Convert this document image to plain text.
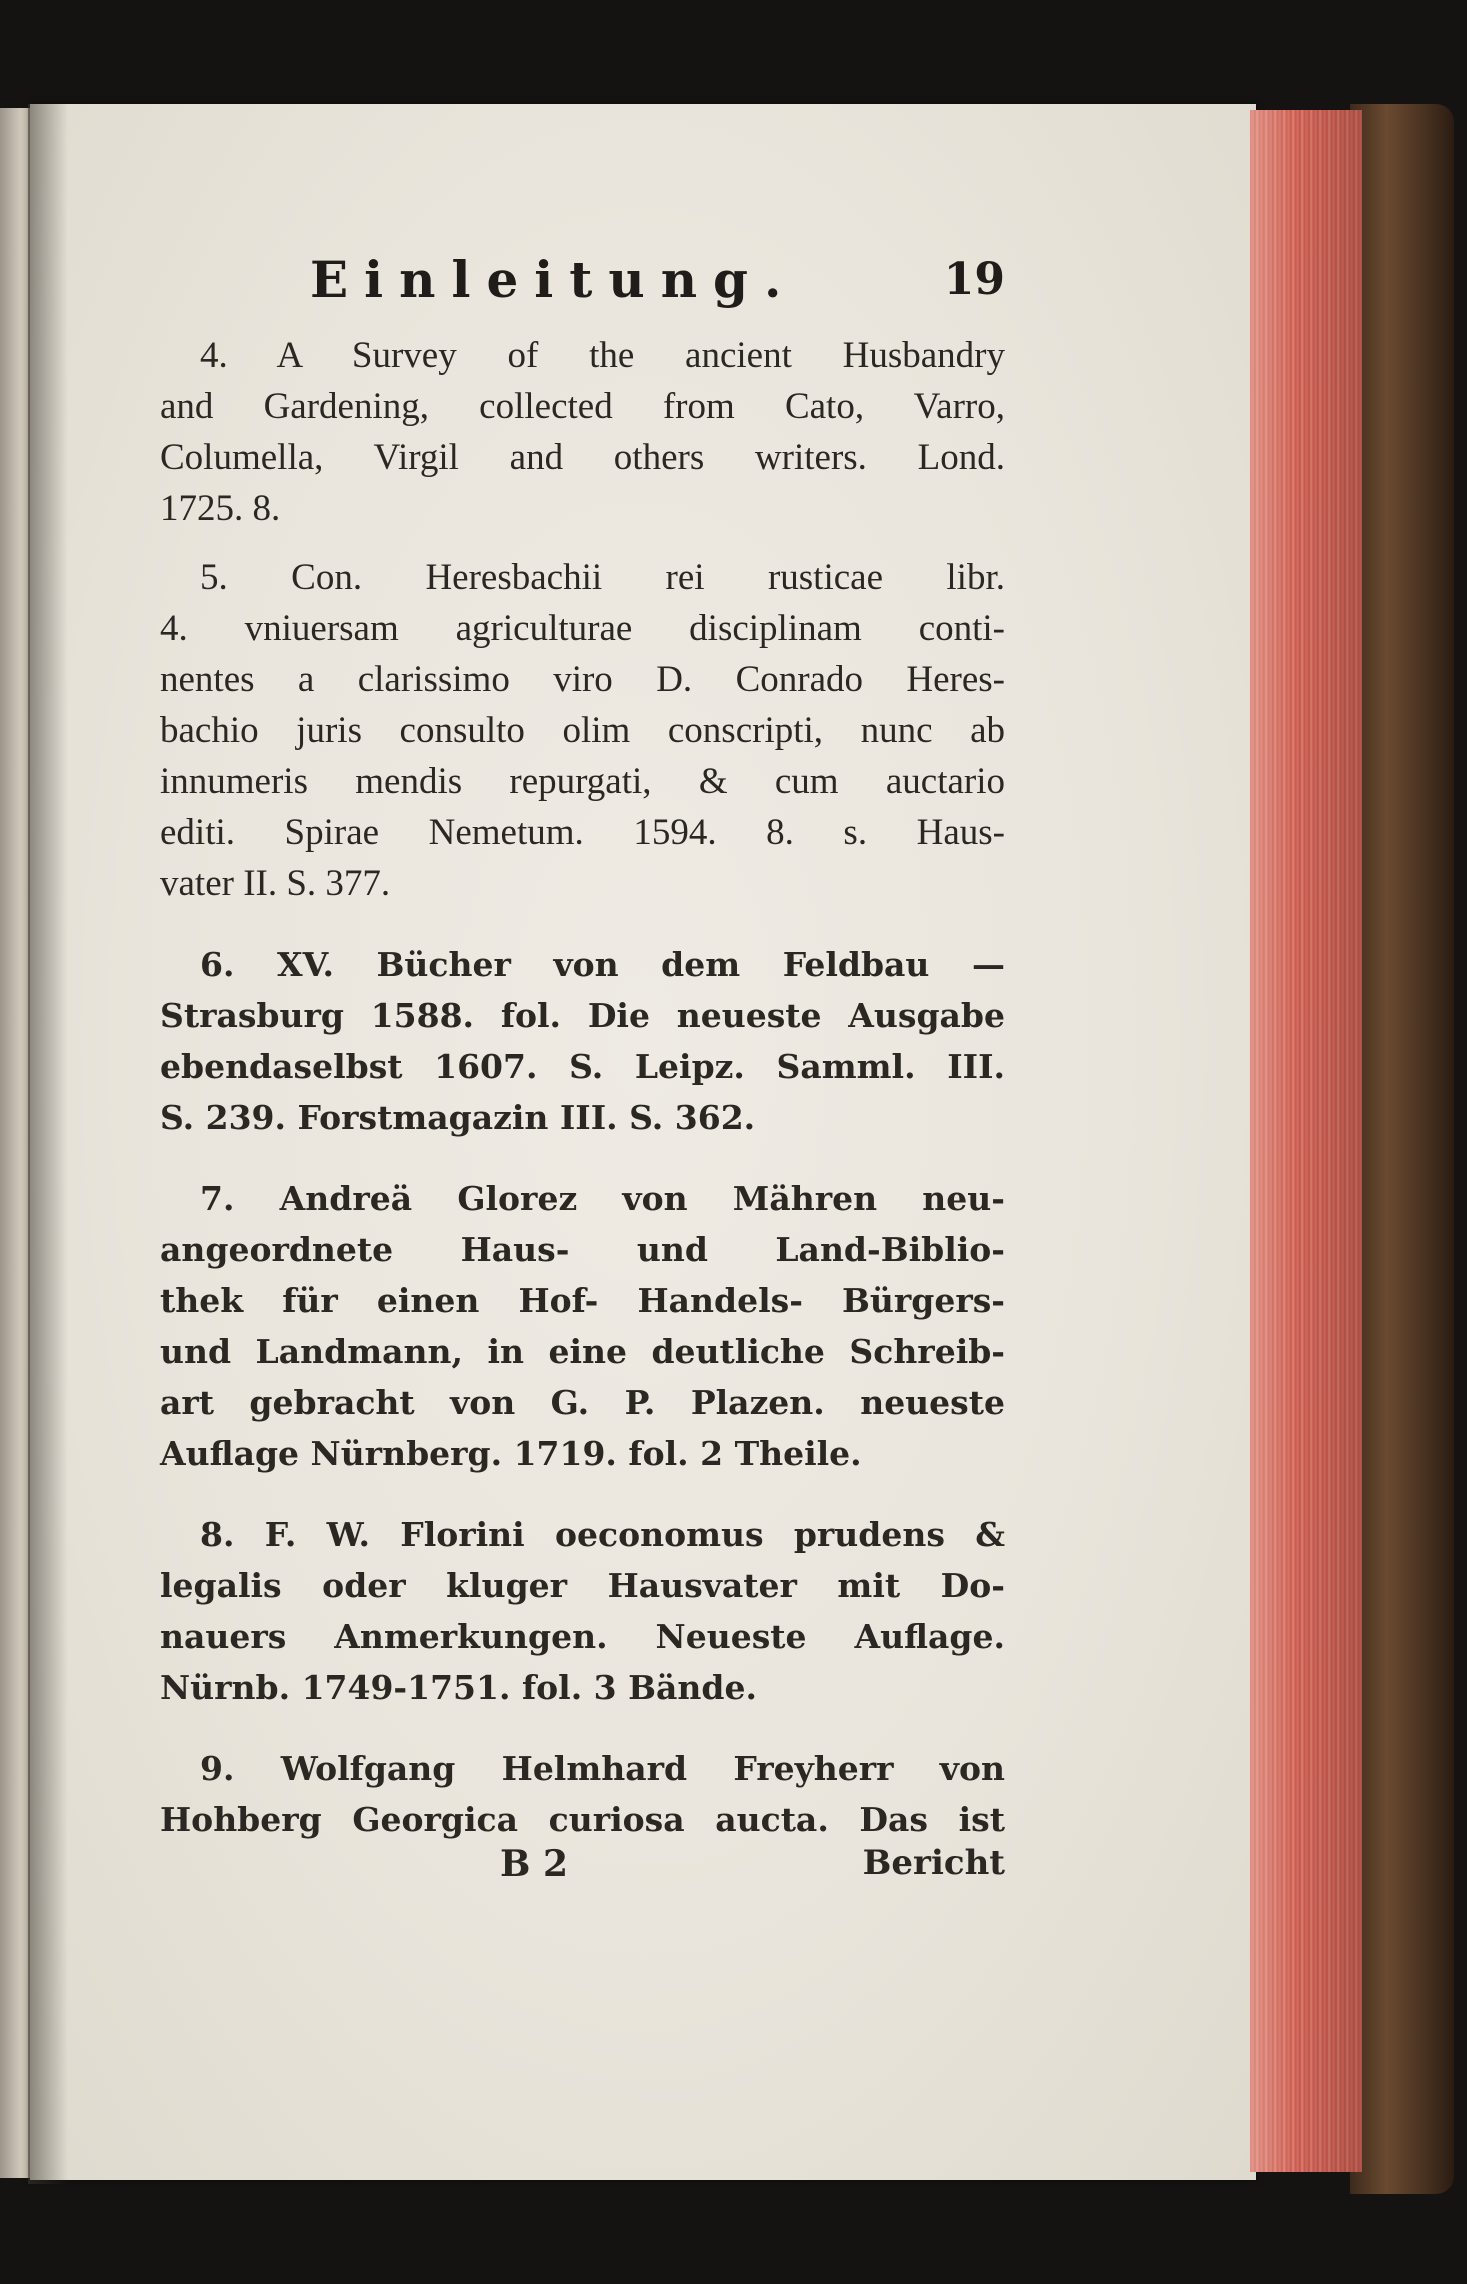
Einleitung.	19

4. A Survey of the ancient Husbandry
and Gardening, collected from Cato, Varro,
Columella, Virgil and others writers. Lond.
1725. 8.

5. Con. Heresbachii rei rusticae libr.
4. vniuersam agriculturae disciplinam conti-
nentes a clarissimo viro D. Conrado Heres-
bachio juris consulto olim conscripti, nunc ab
innumeris mendis repurgati, & cum auctario
editi. Spirae Nemetum. 1594. 8. s. Haus-
vater II. S. 377.

6. XV. Bücher von dem Feldbau —
Strasburg 1588. fol. Die neueste Ausgabe
ebendaselbst 1607. S. Leipz. Samml. III.
S. 239. Forstmagazin III. S. 362.

7. Andreä Glorez von Mähren neu-
angeordnete Haus- und Land-Biblio-
thek für einen Hof- Handels- Bürgers-
und Landmann, in eine deutliche Schreib-
art gebracht von G. P. Plazen. neueste
Auflage Nürnberg. 1719. fol. 2 Theile.

8. F. W. Florini oeconomus prudens &
legalis oder kluger Hausvater mit Do-
nauers Anmerkungen. Neueste Auflage.
Nürnb. 1749-1751. fol. 3 Bände.

9. Wolfgang Helmhard Freyherr von
Hohberg Georgica curiosa aucta. Das ist

B 2	Bericht
